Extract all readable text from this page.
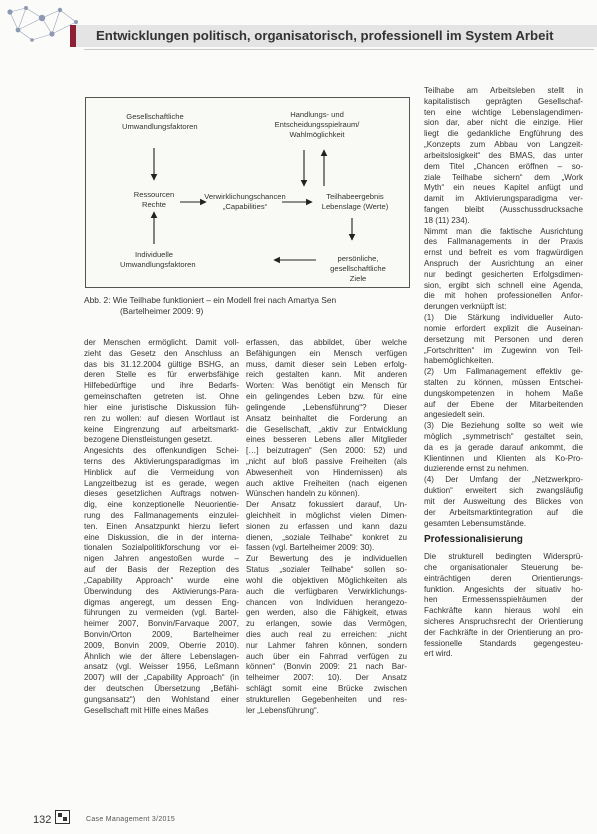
Entwicklungen politisch, organisatorisch, professionell im System Arbeit
Gesellschaftliche
Umwandlungsfaktoren
Handlungs- und
Entscheidungsspielraum/
Wahlmöglichkeit
Ressourcen
Rechte
Verwirklichungschancen
„Capabilities“
Teilhabeergebnis
Lebenslage (Werte)
Individuelle
Umwandlungsfaktoren
persönliche, gesellschaftliche
Ziele
Abb. 2: Wie Teilhabe funktioniert – ein Modell frei nach Amartya Sen
(Bartelheimer 2009: 9)

der Menschen ermöglicht. Damit voll-

zieht das Gesetz den Anschluss an

das bis 31.12.2004 gültige BSHG, an

deren Stelle es für erwerbsfähige

Hilfebedürftige und ihre Bedarfs-

gemeinschaften getreten ist. Ohne

hier eine juristische Diskussion füh-

ren zu wollen: auf diesen Wortlaut ist

keine Eingrenzung auf arbeitsmarkt-

bezogene Dienstleistungen gesetzt.

Angesichts des offenkundigen Schei-

terns des Aktivierungsparadigmas im

Hinblick auf die Vermeidung von

Langzeitbezug ist es gerade, wegen

dieses gesetzlichen Auftrags notwen-

dig, eine konzeptionelle Neuorientie-

rung des Fallmanagements einzulei-

ten. Einen Ansatzpunkt hierzu liefert

eine Diskussion, die in der interna-

tionalen Sozialpolitikforschung vor ei-

nigen Jahren angestoßen wurde –

auf der Basis der Rezeption des

„Capability Approach“ wurde eine

Überwindung des Aktivierungs-Para-

digmas angeregt, um dessen Eng-

führungen zu vermeiden (vgl. Bartel-

heimer 2007, Bonvin/Farvaque 2007,

Bonvin/Orton 2009, Bartelheimer

2009, Bonvin 2009, Oberrie 2010).

Ähnlich wie der ältere Lebenslagen-

ansatz (vgl. Weisser 1956, Leßmann

2007) will der „Capability Approach“ (in

der deutschen Übersetzung „Befähi-

gungsansatz“) den Wohlstand einer

Gesellschaft mit Hilfe eines Maßes

erfassen, das abbildet, über welche

Befähigungen ein Mensch verfügen

muss, damit dieser sein Leben erfolg-

reich gestalten kann. Mit anderen

Worten: Was benötigt ein Mensch für

ein gelingendes Leben bzw. für eine

gelingende „Lebensführung“? Dieser

Ansatz beinhaltet die Forderung an

die Gesellschaft, „aktiv zur Entwicklung

eines besseren Lebens aller Mitglieder

[…] beizutragen“ (Sen 2000: 52) und

„nicht auf bloß passive Freiheiten (als

Abwesenheit von Hindernissen) als

auch aktive Freiheiten (nach eigenen

Wünschen handeln zu können).

Der Ansatz fokussiert darauf, Un-

gleichheit in möglichst vielen Dimen-

sionen zu erfassen und kann dazu

dienen, „soziale Teilhabe“ konkret zu

fassen (vgl. Bartelheimer 2009: 30).

Zur Bewertung des je individuellen

Status „sozialer Teilhabe“ sollen so-

wohl die objektiven Möglichkeiten als

auch die verfügbaren Verwirklichungs-

chancen von Individuen herangezo-

gen werden, also die Fähigkeit, etwas

zu erlangen, sowie das Vermögen,

dies auch real zu erreichen: „nicht

nur Lahmer fahren können, sondern

auch über ein Fahrrad verfügen zu

können“ (Bonvin 2009: 21 nach Bar-

telheimer 2007: 10). Der Ansatz

schlägt somit eine Brücke zwischen

strukturellen Gegebenheiten und res-

ler „Lebensführung“.

Teilhabe am Arbeitsleben stellt in

kapitalistisch geprägten Gesellschaf-

ten eine wichtige Lebenslagendimen-

sion dar, aber nicht die einzige. Hier

liegt die gedankliche Engführung des

„Konzepts zum Abbau von Langzeit-

arbeitslosigkeit“ des BMAS, das unter

dem Titel „Chancen eröffnen – so-

ziale Teilhabe sichern“ dem „Work

Myth“ ein neues Kapitel anfügt und

damit im Aktivierungsparadigma ver-

fangen bleibt (Ausschussdrucksache

18 (11) 234).

Nimmt man die faktische Ausrichtung

des Fallmanagements in der Praxis

ernst und befreit es vom fragwürdigen

Anspruch der Ausrichtung an einer

nur bedingt gesicherten Erfolgsdimen-

sion, ergibt sich schnell eine Agenda,

die mit hohen professionellen Anfor-

derungen verknüpft ist:

(1) Die Stärkung individueller Auto-

nomie erfordert explizit die Auseinan-

dersetzung mit Personen und deren

„Fortschritten“ im Zugewinn von Teil-

habemöglichkeiten.

(2) Um Fallmanagement effektiv ge-

stalten zu können, müssen Entschei-

dungskompetenzen in hohem Maße

auf der Ebene der Mitarbeitenden

angesiedelt sein.

(3) Die Beziehung sollte so weit wie

möglich „symmetrisch“ gestaltet sein,

da es ja gerade darauf ankommt, die

Klientinnen und Klienten als Ko-Pro-

duzierende ernst zu nehmen.

(4) Der Umfang der „Netzwerkpro-

duktion“ erweitert sich zwangsläufig

mit der Ausweitung des Blickes von

der Arbeitsmarktintegration auf die

gesamten Lebensumstände.

Professionalisierung

Die strukturell bedingten Widersprü-

che organisationaler Steuerung be-

einträchtigen deren Orientierungs-

funktion. Angesichts der situativ ho-

hen Ermessensspielräumen der

Fachkräfte kann hieraus wohl ein

sicheres Anspruchsrecht der Orientierung

der Fachkräfte in der Orientierung an pro-

fessionelle Standards gegengesteu-

ert wird.

132	Case Management 3/2015
